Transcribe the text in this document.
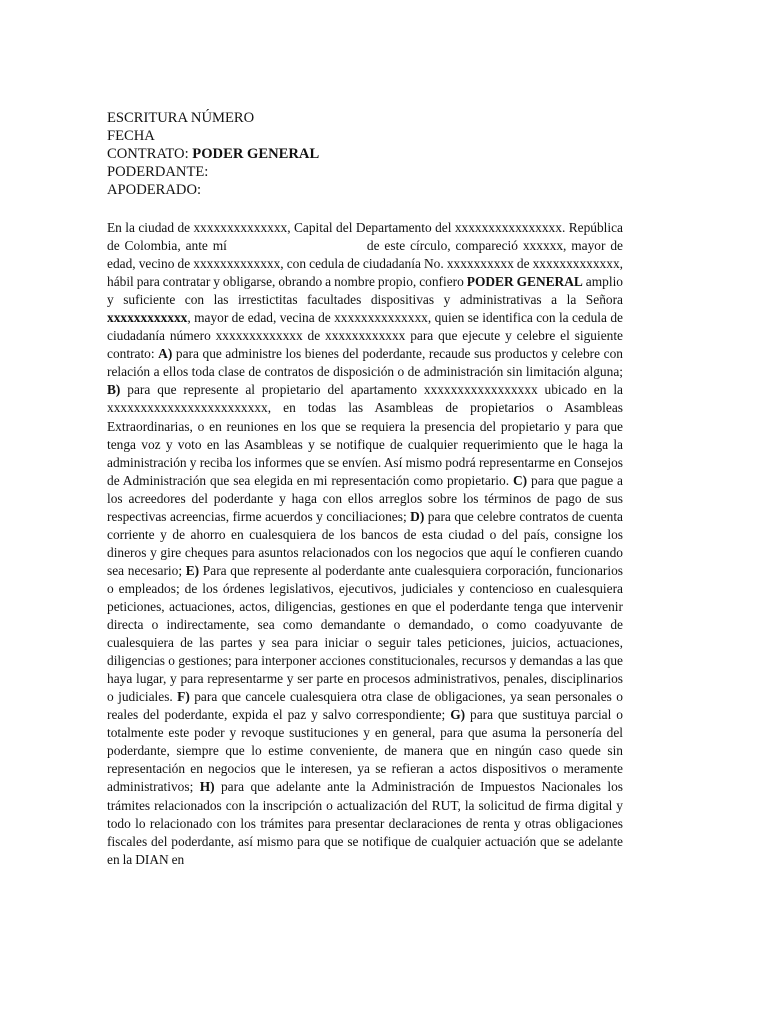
ESCRITURA NÚMERO
FECHA
CONTRATO: PODER GENERAL
PODERDANTE:
APODERADO:
En la ciudad de xxxxxxxxxxxxxx, Capital del Departamento del xxxxxxxxxxxxxxxx. República de Colombia, ante mí	de este círculo, compareció xxxxxx, mayor de edad, vecino de xxxxxxxxxxxxx, con cedula de ciudadanía No. xxxxxxxxxx de xxxxxxxxxxxxx, hábil para contratar y obligarse, obrando a nombre propio, confiero PODER GENERAL amplio y suficiente con las irrestictitas facultades dispositivas y administrativas a la Señora xxxxxxxxxxxx, mayor de edad, vecina de xxxxxxxxxxxxxx, quien se identifica con la cedula de ciudadanía número xxxxxxxxxxxxx de xxxxxxxxxxxx para que ejecute y celebre el siguiente contrato: A) para que administre los bienes del poderdante, recaude sus productos y celebre con relación a ellos toda clase de contratos de disposición o de administración sin limitación alguna; B) para que represente al propietario del apartamento xxxxxxxxxxxxxxxxx ubicado en la xxxxxxxxxxxxxxxxxxxxxxxx, en todas las Asambleas de propietarios o Asambleas Extraordinarias, o en reuniones en los que se requiera la presencia del propietario y para que tenga voz y voto en las Asambleas y se notifique de cualquier requerimiento que le haga la administración y reciba los informes que se envíen. Así mismo podrá representarme en Consejos de Administración que sea elegida en mi representación como propietario. C) para que pague a los acreedores del poderdante y haga con ellos arreglos sobre los términos de pago de sus respectivas acreencias, firme acuerdos y conciliaciones; D) para que celebre contratos de cuenta corriente y de ahorro en cualesquiera de los bancos de esta ciudad o del país, consigne los dineros y gire cheques para asuntos relacionados con los negocios que aquí le confieren cuando sea necesario; E) Para que represente al poderdante ante cualesquiera corporación, funcionarios o empleados; de los órdenes legislativos, ejecutivos, judiciales y contencioso en cualesquiera peticiones, actuaciones, actos, diligencias, gestiones en que el poderdante tenga que intervenir directa o indirectamente, sea como demandante o demandado, o como coadyuvante de cualesquiera de las partes y sea para iniciar o seguir tales peticiones, juicios, actuaciones, diligencias o gestiones; para interponer acciones constitucionales, recursos y demandas a las que haya lugar, y para representarme y ser parte en procesos administrativos, penales, disciplinarios o judiciales. F) para que cancele cualesquiera otra clase de obligaciones, ya sean personales o reales del poderdante, expida el paz y salvo correspondiente; G) para que sustituya parcial o totalmente este poder y revoque sustituciones y en general, para que asuma la personería del poderdante, siempre que lo estime conveniente, de manera que en ningún caso quede sin representación en negocios que le interesen, ya se refieran a actos dispositivos o meramente administrativos; H) para que adelante ante la Administración de Impuestos Nacionales los trámites relacionados con la inscripción o actualización del RUT, la solicitud de firma digital y todo lo relacionado con los trámites para presentar declaraciones de renta y otras obligaciones fiscales del poderdante, así mismo para que se notifique de cualquier actuación que se adelante en la DIAN en
